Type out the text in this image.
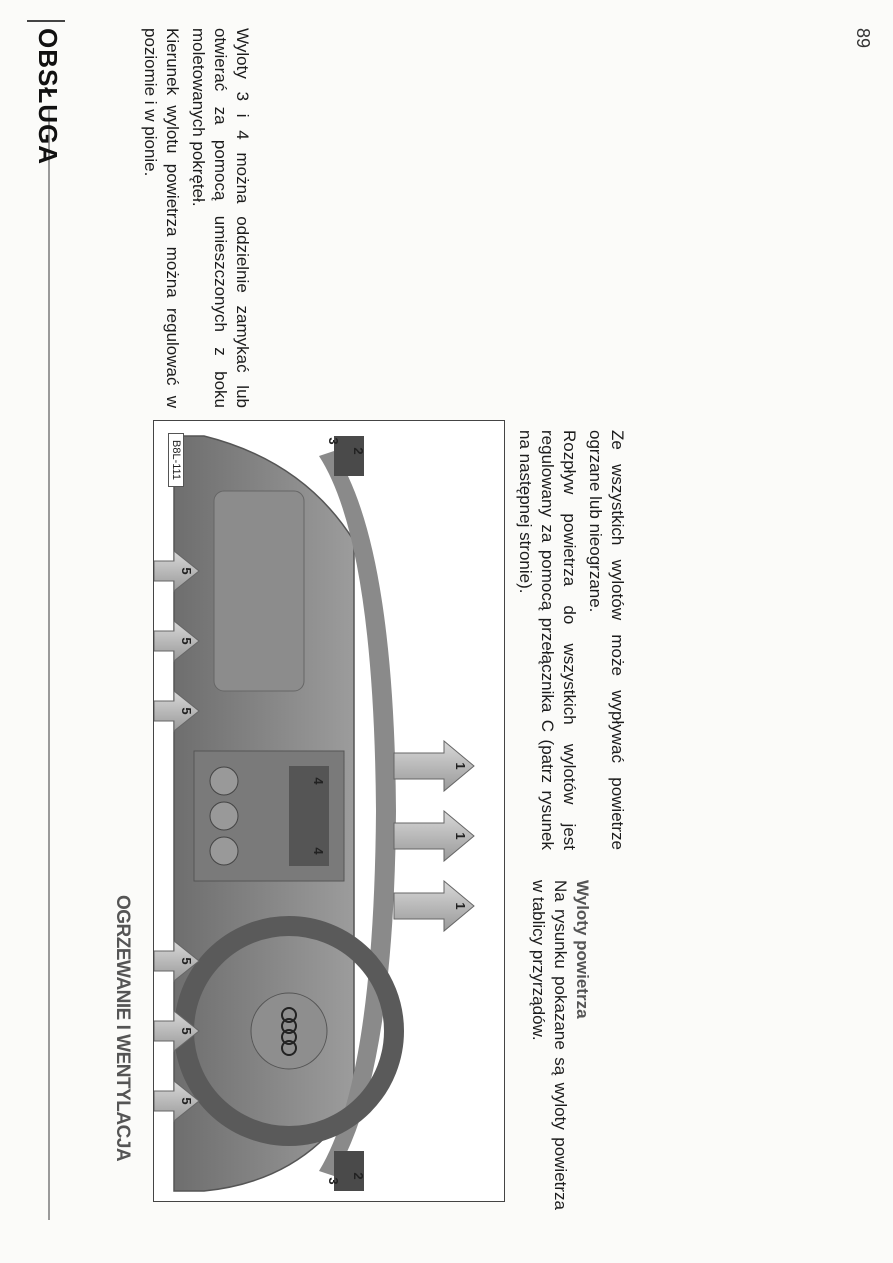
OGRZEWANIE I WENTYLACJA
OBSŁUGA	89
1
1
1
2
2
3
3
4
4
5
5
5
5
5
5
B8L-111
Wyloty powietrza

Na rysunku pokazane są wyloty powietrza w tablicy przyrządów.

Ze wszystkich wylotów może wypływać powietrze ogrzane lub nieogrzane.

Rozpływ powietrza do wszystkich wylotów jest regulowany za pomocą przełącznika C (patrz rysunek na następnej stronie).

Wyloty 3 i 4 można oddzielnie zamykać lub otwierać za pomocą umieszczonych z boku moletowanych pokręteł.

Kierunek wylotu powietrza można regulować w poziomie i w pionie.
